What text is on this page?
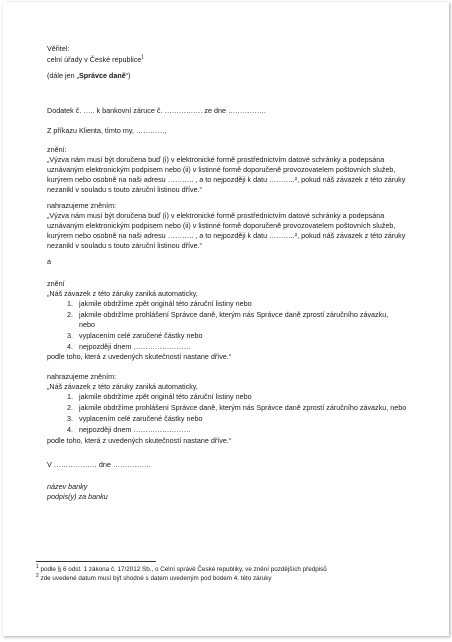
Věřitel:
celní úřady v České republice$^1$
(dále jen „Správce daně“)
Dodatek č. ….. k bankovní záruce č. ……………. ze dne …………….
Z příkazu Klienta, tímto my, …………,

znění:

„Výzva nám musí být doručena buď (i) v elektronické formě prostřednictvím datové schránky a podepsána

uznávaným elektronickým podpisem nebo (ii) v listinné formě doporučeně provozovatelem poštovních služeb,

kurýrem nebo osobně na naši adresu ……….. , a to nejpozději k datu ………..², pokud náš závazek z této záruky

nezanikl v souladu s touto záruční listinou dříve.“

nahrazujeme zněním:

„Výzva nám musí být doručena buď (i) v elektronické formě prostřednictvím datové schránky a podepsána

uznávaným elektronickým podpisem nebo (ii) v listinné formě doporučeně provozovatelem poštovních služeb,

kurýrem nebo osobně na naši adresu ……….. , a to nejpozději k datu ………..², pokud náš závazek z této záruky

nezanikl v souladu s touto záruční listinou dříve.“

a
znění
„Náš závazek z této záruky zaniká automaticky,
1. jakmile obdržíme zpět originál této záruční listiny nebo
2. jakmile obdržíme prohlášení Správce daně, kterým nás Správce daně zprostí záručního závazku,
nebo
3. vyplacením celé zaručené částky nebo
4. nejpozději dnem ……………………
podle toho, která z uvedených skutečností nastane dříve.“
nahrazujeme zněním:
„Náš závazek z této záruky zaniká automaticky,
1. jakmile obdržíme zpět originál této záruční listiny nebo
2. jakmile obdržíme prohlášení Správce daně, kterým nás Správce daně zprostí záručního závazku, nebo
3. vyplacením celé zaručené částky nebo
4. nejpozději dnem ……………………
podle toho, která z uvedených skutečností nastane dříve.“
V ……………… dne …………….
název banky
podpis(y) za banku
$^1$ podle § 6 odst. 1 zákona č. 17/2012 Sb., o Celní správě České republiky, ve znění pozdějších předpisů
$^2$ zde uvedené datum musí být shodné s datem uvedeným pod bodem 4. této záruky
